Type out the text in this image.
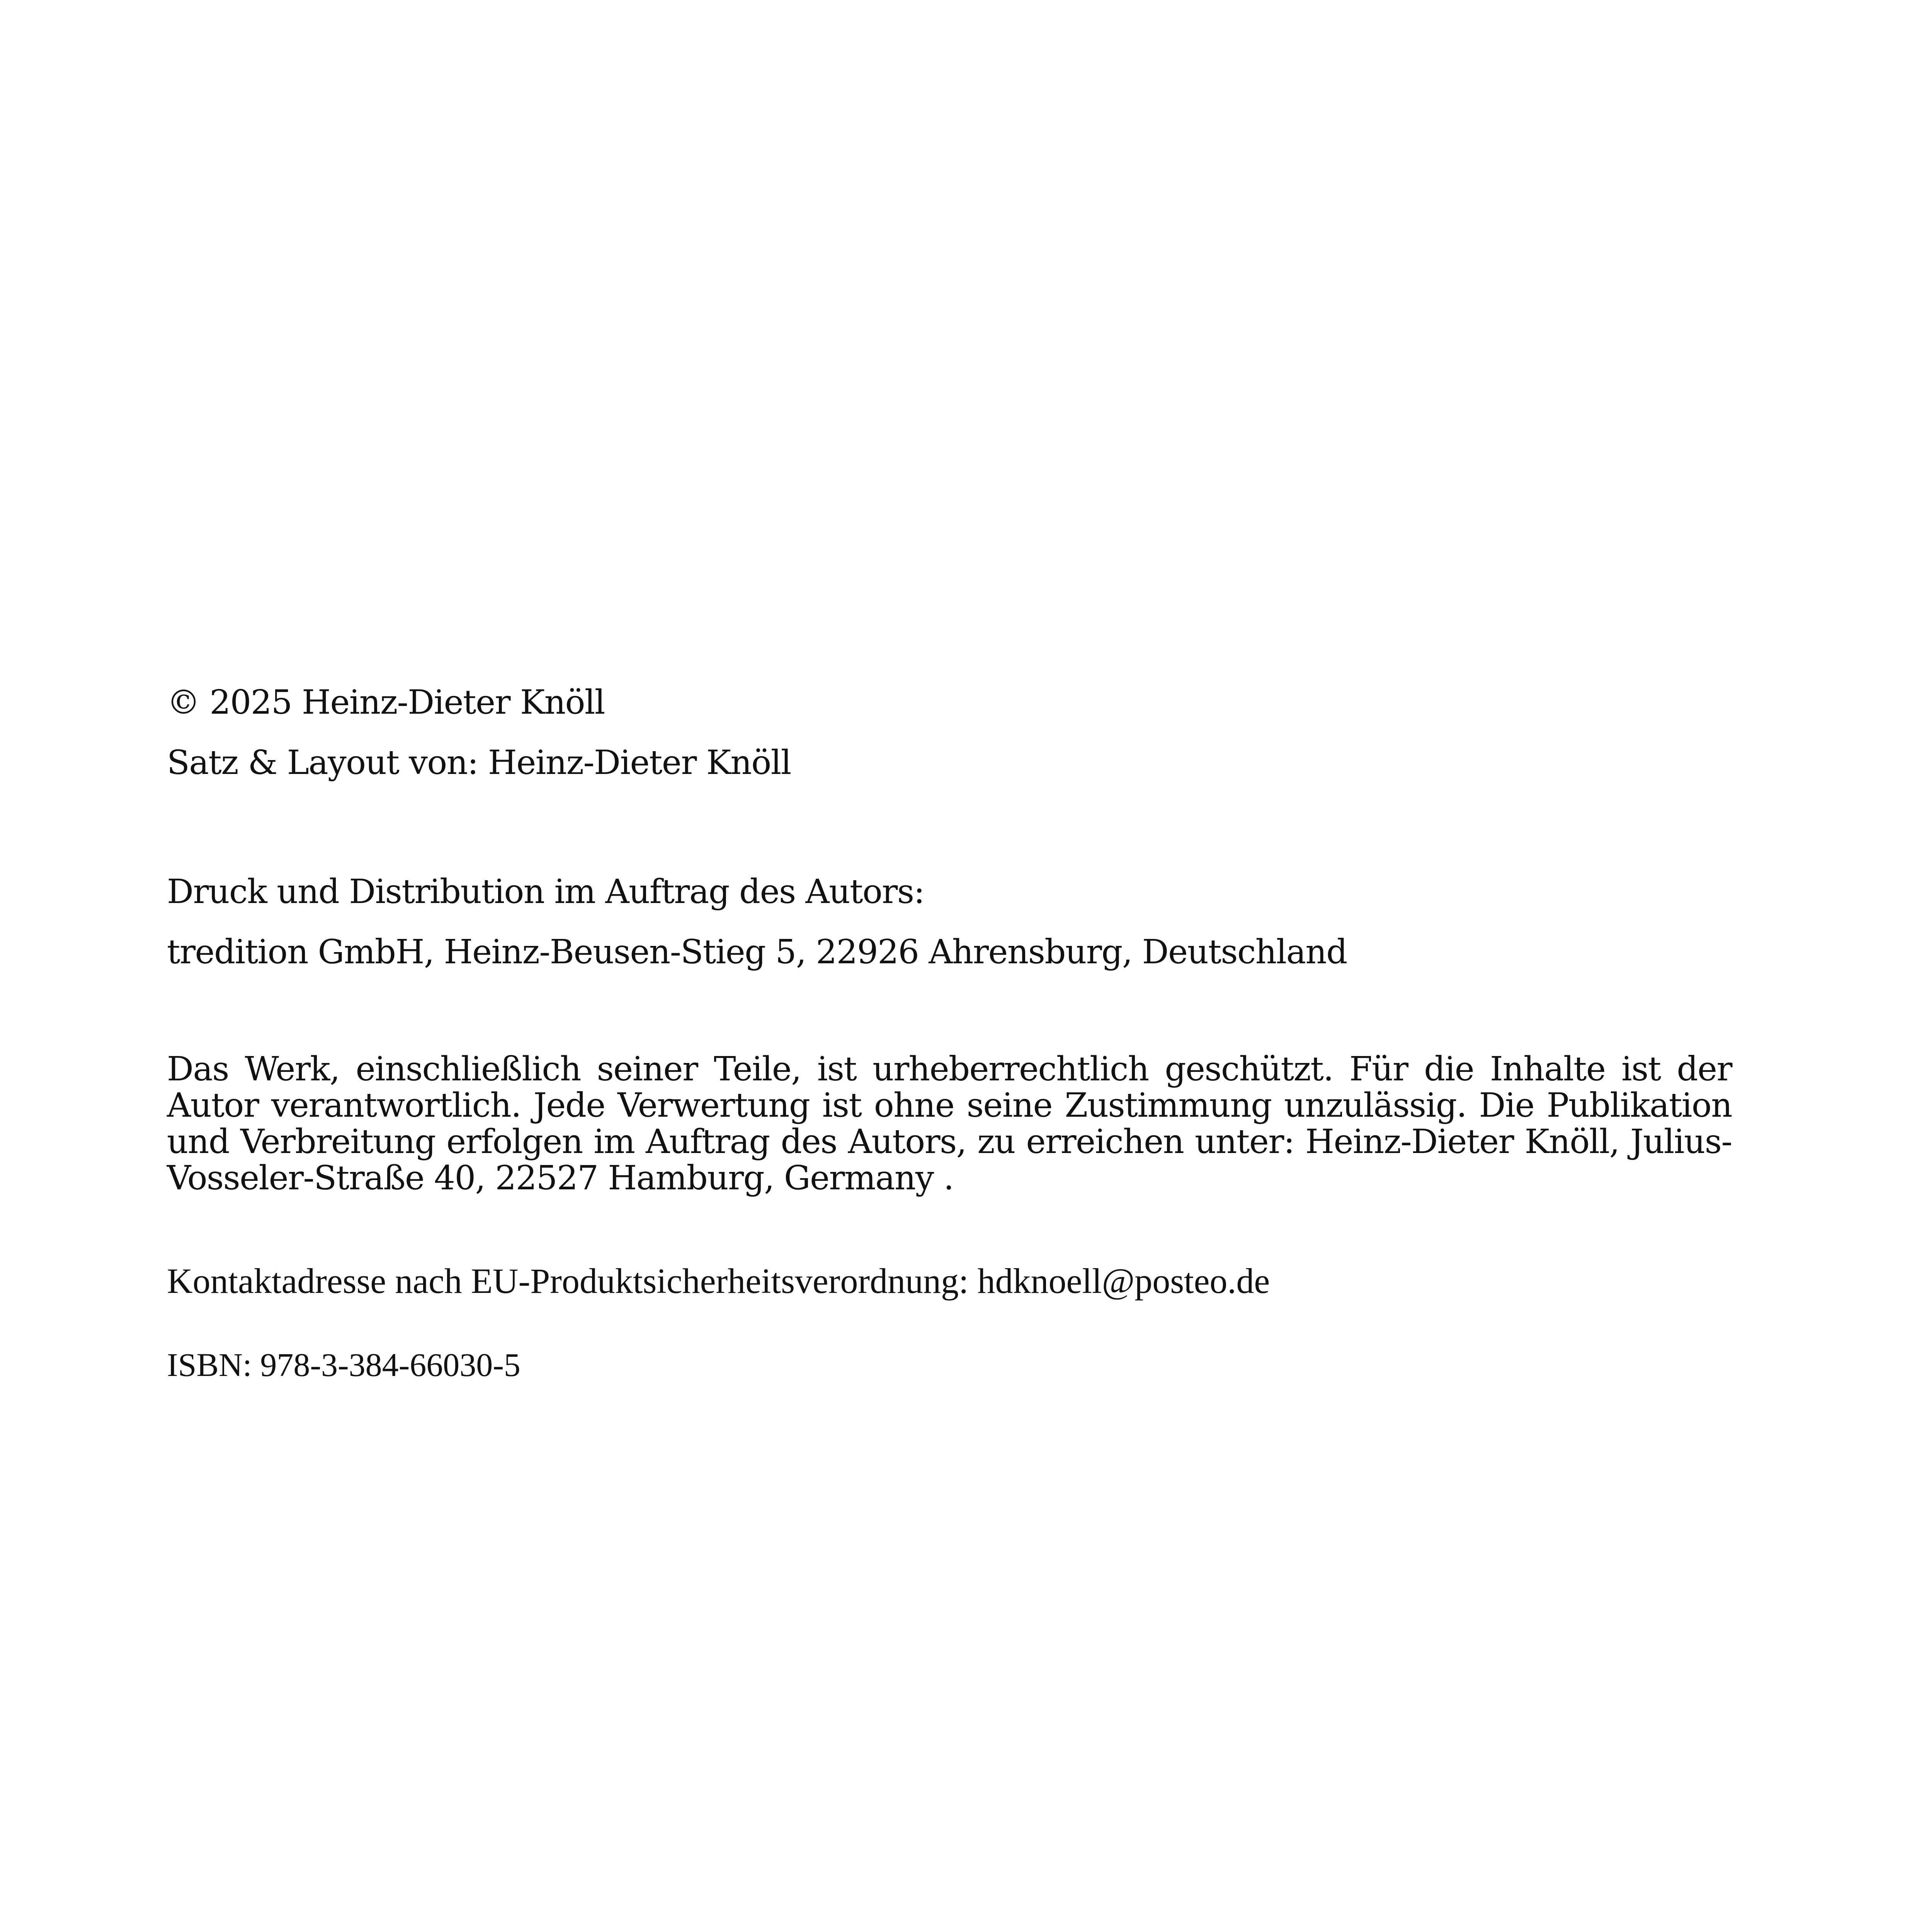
© 2025 Heinz-Dieter Knöll
Satz & Layout von: Heinz-Dieter Knöll
Druck und Distribution im Auftrag des Autors:
tredition GmbH, Heinz-Beusen-Stieg 5, 22926 Ahrensburg, Deutschland

Das Werk, einschließlich seiner Teile, ist urheberrechtlich geschützt. Für die Inhalte ist der Autor verantwortlich. Jede Verwertung ist ohne seine Zustimmung unzulässig. Die Publikation und Verbreitung erfolgen im Auftrag des Autors, zu erreichen unter: Heinz-Dieter Knöll, Julius-Vosseler-Straße 40, 22527 Hamburg, Germany .

Kontaktadresse nach EU-Produktsicherheitsverordnung: hdknoell@posteo.de
ISBN: 978-3-384-66030-5
